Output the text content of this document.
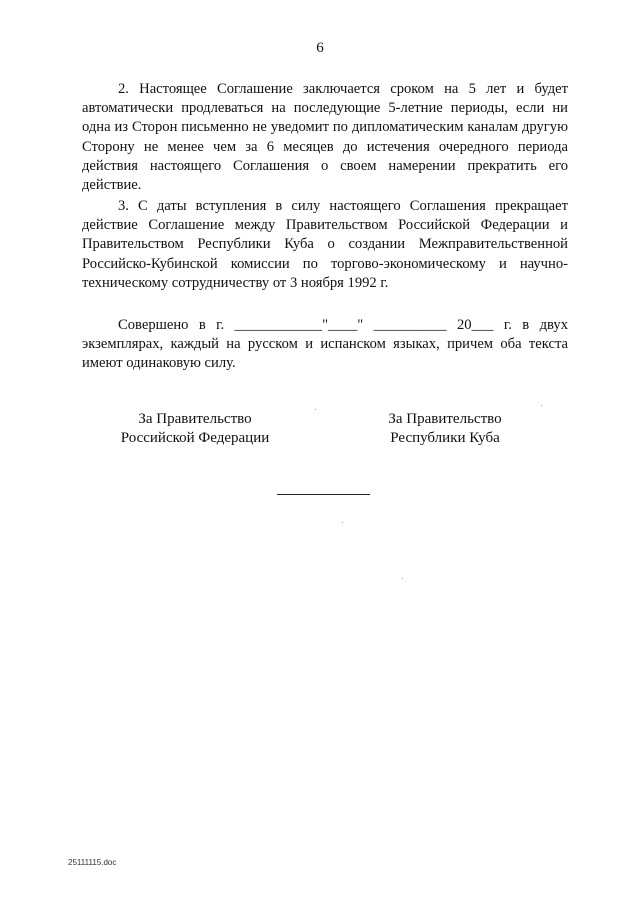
6

2. Настоящее Соглашение заключается сроком на 5 лет и будет автоматически продлеваться на последующие 5-летние периоды, если ни одна из Сторон письменно не уведомит по дипломатическим каналам другую Сторону не менее чем за 6 месяцев до истечения очередного периода действия настоящего Соглашения о своем намерении прекратить его действие.

3. С даты вступления в силу настоящего Соглашения прекращает действие Соглашение между Правительством Российской Федерации и Правительством Республики Куба о создании Межправительственной Российско-Кубинской комиссии по торгово-экономическому и научно-техническому сотрудничеству от 3 ноября 1992 г.

Совершено в г. ____________"____" __________ 20___ г. в двух экземплярах, каждый на русском и испанском языках, причем оба текста имеют одинаковую силу.

За Правительство
Российской Федерации
За Правительство
Республики Куба
25111115.doc
